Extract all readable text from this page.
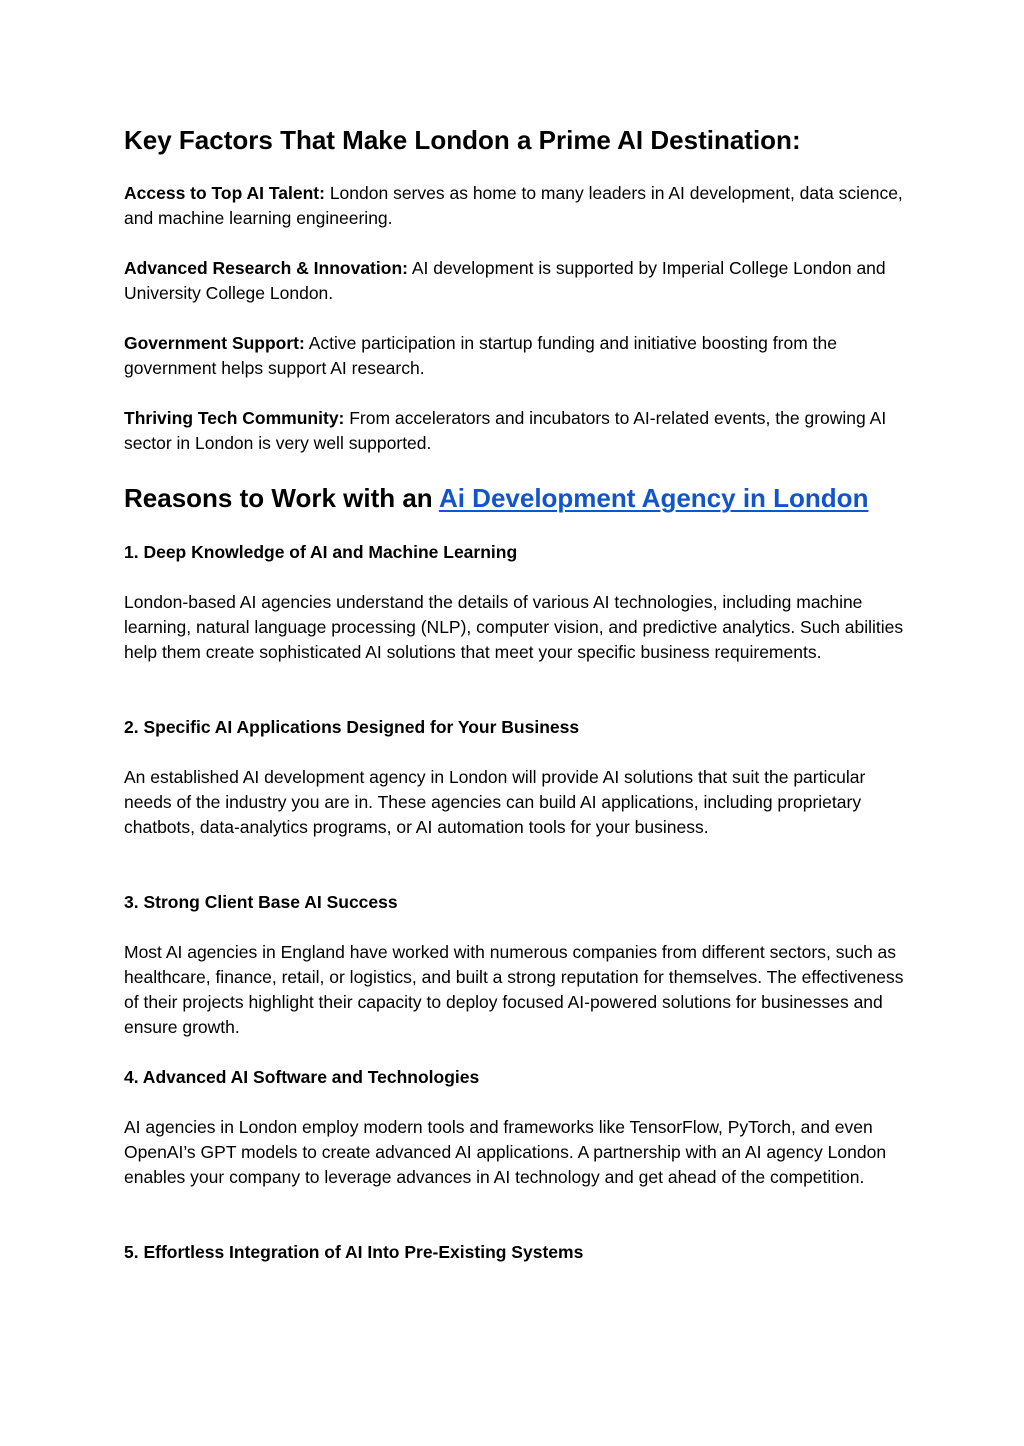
Key Factors That Make London a Prime AI Destination:

Access to Top AI Talent: London serves as home to many leaders in AI development, data science, and machine learning engineering.

Advanced Research & Innovation: AI development is supported by Imperial College London and University College London.

Government Support: Active participation in startup funding and initiative boosting from the government helps support AI research.

Thriving Tech Community: From accelerators and incubators to AI-related events, the growing AI sector in London is very well supported.

Reasons to Work with an Ai Development Agency in London
1. Deep Knowledge of AI and Machine Learning

London-based AI agencies understand the details of various AI technologies, including machine learning, natural language processing (NLP), computer vision, and predictive analytics. Such abilities help them create sophisticated AI solutions that meet your specific business requirements.

2. Specific AI Applications Designed for Your Business

An established AI development agency in London will provide AI solutions that suit the particular needs of the industry you are in. These agencies can build AI applications, including proprietary chatbots, data-analytics programs, or AI automation tools for your business.

3. Strong Client Base AI Success

Most AI agencies in England have worked with numerous companies from different sectors, such as healthcare, finance, retail, or logistics, and built a strong reputation for themselves. The effectiveness of their projects highlight their capacity to deploy focused AI-powered solutions for businesses and ensure growth.

4. Advanced AI Software and Technologies

AI agencies in London employ modern tools and frameworks like TensorFlow, PyTorch, and even OpenAI’s GPT models to create advanced AI applications. A partnership with an AI agency London enables your company to leverage advances in AI technology and get ahead of the competition.

5. Effortless Integration of AI Into Pre-Existing Systems
